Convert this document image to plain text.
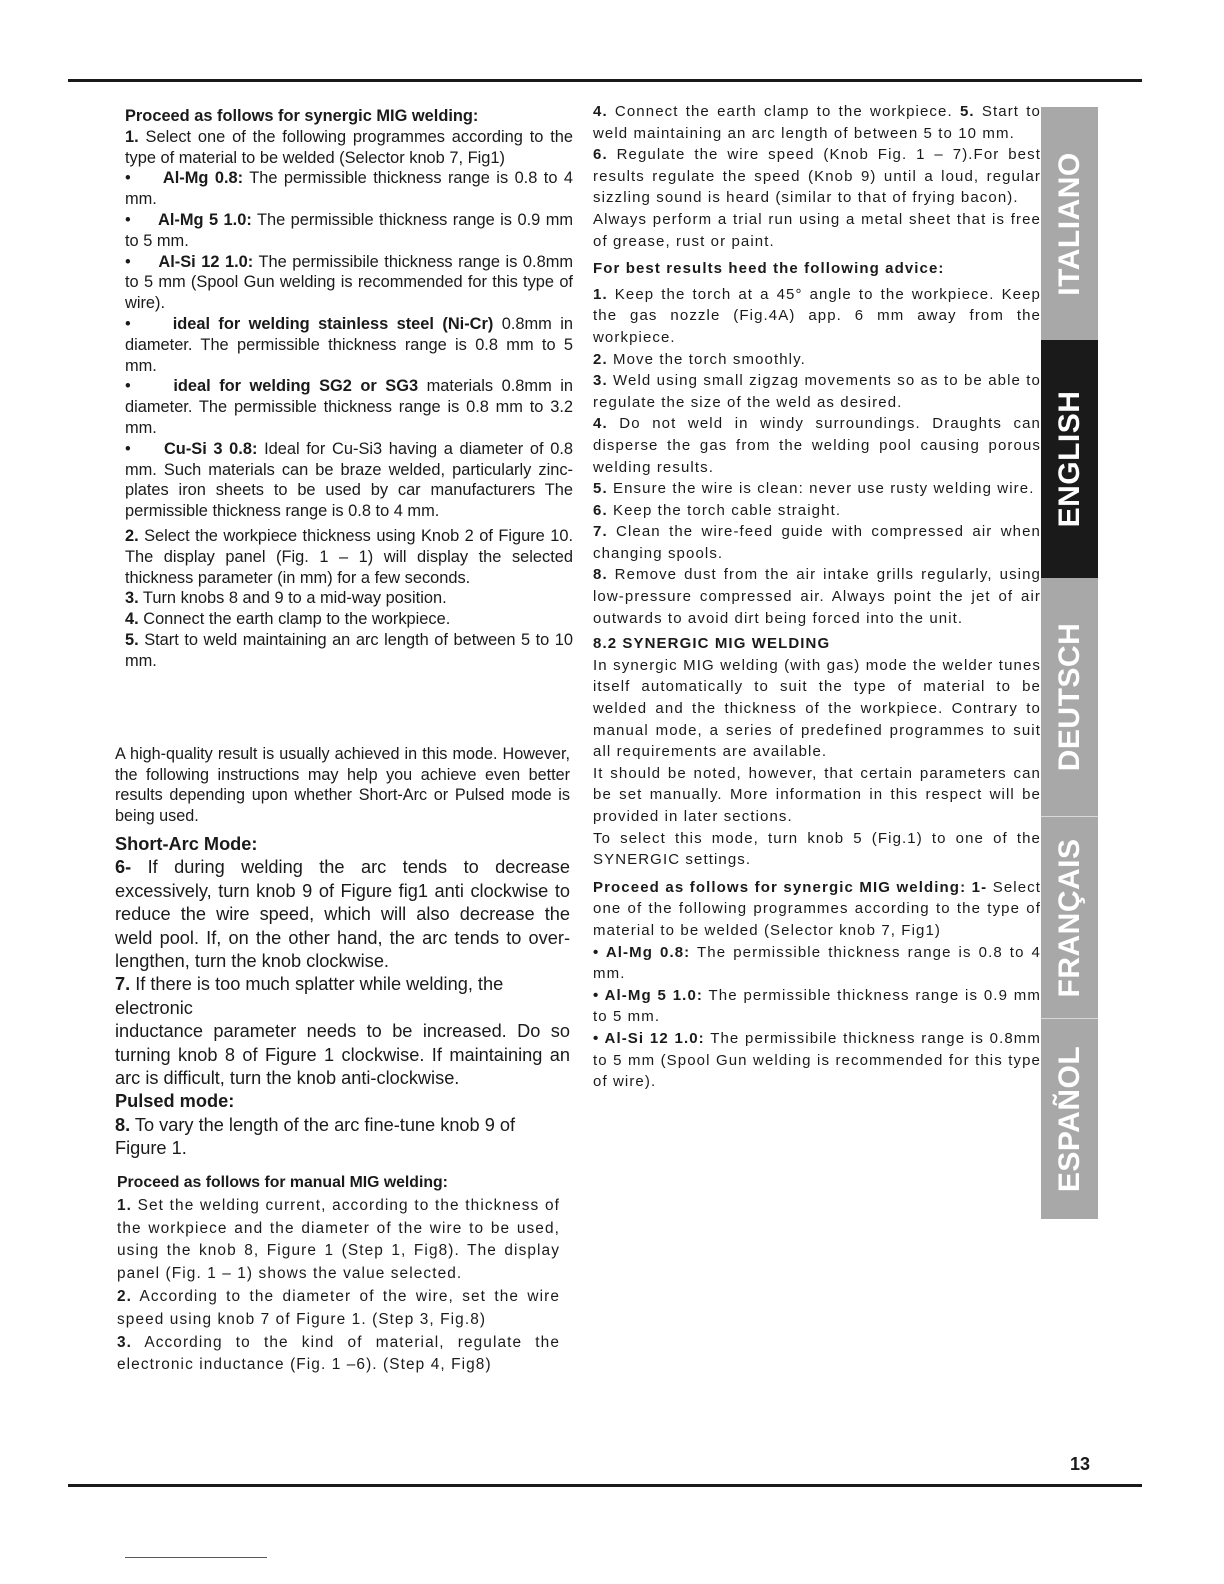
Proceed as follows for synergic MIG welding:

1. Select one of the following programmes according to the type of material to be welded (Selector knob 7, Fig1)

•     Al-Mg 0.8: The permissible thickness range is 0.8 to 4 mm.

•     Al-Mg 5 1.0: The permissible thickness range is 0.9 mm to 5 mm.

•     Al-Si 12 1.0: The permissibile thickness range is 0.8mm to 5 mm (Spool Gun welding is recommended for this type of wire).

•     ideal for welding stainless steel (Ni-Cr) 0.8mm in diameter. The permissible thickness range is 0.8 mm to 5 mm.

•     ideal for welding SG2 or SG3 materials 0.8mm in diameter. The permissible thickness range is 0.8 mm to 3.2 mm.

•     Cu-Si 3 0.8: Ideal for Cu-Si3 having a diameter of 0.8 mm. Such materials can be braze welded, particularly zinc-plates iron sheets to be used by car manufacturers The permissible thickness range is 0.8 to 4 mm.

2. Select the workpiece thickness using Knob 2 of Figure 10. The display panel (Fig. 1 – 1) will display the selected thickness parameter (in mm) for a few seconds.

3. Turn knobs 8 and 9 to a mid-way position.

4. Connect the earth clamp to the workpiece.

5. Start to weld maintaining an arc length of between 5 to 10 mm.

A high-quality result is usually achieved in this mode. However, the following instructions may help you achieve even better results depending upon whether Short-Arc or Pulsed mode is being used.

Short-Arc Mode:

6- If during welding the arc tends to decrease excessively, turn knob 9 of Figure fig1 anti clockwise to reduce the wire speed, which will also decrease the weld pool. If, on the other hand, the arc tends to over-lengthen, turn the knob clockwise.

7. If there is too much splatter while welding, the electronic

inductance parameter needs to be increased. Do so turning knob 8 of Figure 1 clockwise. If maintaining an arc is difficult, turn the knob anti-clockwise.

Pulsed mode:

8. To vary the length of the arc fine-tune knob 9 of Figure 1.

Proceed as follows for manual MIG welding:

1. Set the welding current, according to the thickness of the workpiece and the diameter of the wire to be used, using the knob 8, Figure 1 (Step 1, Fig8). The display panel (Fig. 1 – 1) shows the value selected.

2. According to the diameter of the wire, set the wire speed using knob 7 of Figure 1. (Step 3, Fig.8)

3. According to the kind of material, regulate the electronic inductance (Fig. 1 –6). (Step 4, Fig8)

4. Connect the earth clamp to the workpiece. 5. Start to weld maintaining an arc length of between 5 to 10 mm.

6. Regulate the wire speed (Knob Fig. 1 – 7).For best results regulate the speed (Knob 9) until a loud, regular sizzling sound is heard (similar to that of frying bacon).

Always perform a trial run using a metal sheet that is free of grease, rust or paint.

For best results heed the following advice:

1. Keep the torch at a 45° angle to the workpiece. Keep the gas nozzle (Fig.4A) app. 6 mm away from the workpiece.

2. Move the torch smoothly.

3. Weld using small zigzag movements so as to be able to regulate the size of the weld as desired.

4. Do not weld in windy surroundings. Draughts can disperse the gas from the welding pool causing porous welding results.

5. Ensure the wire is clean: never use rusty welding wire.

6. Keep the torch cable straight.

7. Clean the wire-feed guide with compressed air when changing spools.

8. Remove dust from the air intake grills regularly, using low-pressure compressed air. Always point the jet of air outwards to avoid dirt being forced into the unit.

8.2 SYNERGIC MIG WELDING

In synergic MIG welding (with gas) mode the welder tunes itself automatically to suit the type of material to be welded and the thickness of the workpiece. Contrary to manual mode, a series of predefined programmes to suit all requirements are available.

It should be noted, however, that certain parameters can be set manually. More information in this respect will be provided in later sections.

To select this mode, turn knob 5 (Fig.1) to one of the SYNERGIC settings.

Proceed as follows for synergic MIG welding: 1- Select one of the following programmes according to the type of material to be welded (Selector knob 7, Fig1)

• Al-Mg 0.8: The permissible thickness range is 0.8 to 4 mm.

• Al-Mg 5 1.0: The permissible thickness range is 0.9 mm to 5 mm.

• Al-Si 12 1.0: The permissibile thickness range is 0.8mm to 5 mm (Spool Gun welding is recommended for this type of wire).

ITALIANO
ENGLISH
DEUTSCH
FRANÇAIS
ESPAÑOL
13
